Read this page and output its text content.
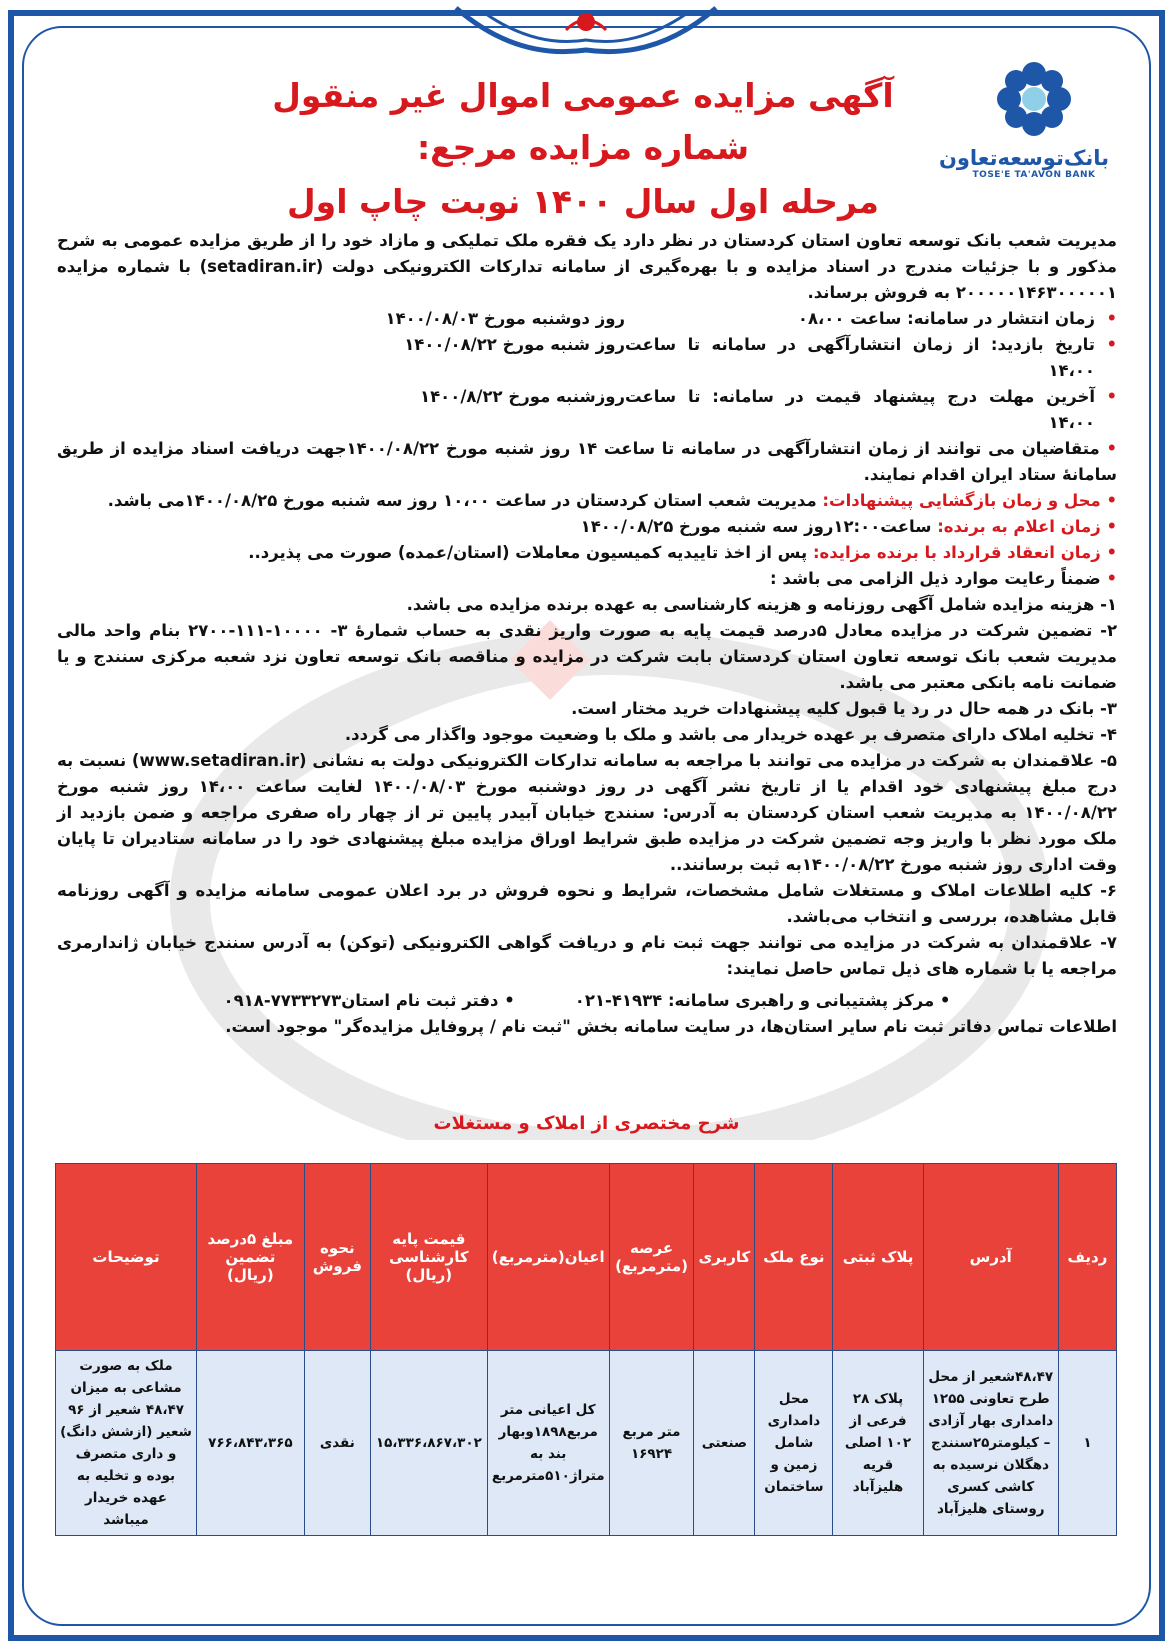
بانک‌توسعه‌تعاون
TOSE'E TA'AVON BANK
آگهی مزایده عمومی اموال غیر منقول شماره مزایده مرجع:
مرحله اول سال ۱۴۰۰ نوبت چاپ اول

مدیریت شعب بانک توسعه تعاون استان کردستان در نظر دارد یک فقره ملک تملیکی و مازاد خود را از طریق مزایده عمومی به شرح مذکور و با جزئیات مندرج در اسناد مزایده و با بهره‌گیری از سامانه تدارکات الکترونیکی دولت (setadiran.ir) با شماره مزایده ۲۰۰۰۰۰۱۴۶۳۰۰۰۰۰۱ به فروش برساند.

• زمان انتشار در سامانه: ساعت ۰۸،۰۰
روز دوشنبه مورخ ۱۴۰۰/۰۸/۰۳
• تاریخ بازدید: از زمان انتشارآگهی در سامانه تا ساعت ۱۴،۰۰
روز شنبه مورخ ۱۴۰۰/۰۸/۲۲
• آخرین مهلت درج پیشنهاد قیمت در سامانه: تا ساعت ۱۴،۰۰
روزشنبه مورخ ۱۴۰۰/۸/۲۲

• متقاضیان می توانند از زمان انتشارآگهی در سامانه تا ساعت ۱۴ روز شنبه مورخ ۱۴۰۰/۰۸/۲۲جهت دریافت اسناد مزایده از طریق سامانهٔ ستاد ایران اقدام نمایند.

• محل و زمان بازگشایی پیشنهادات: مدیریت شعب استان کردستان در ساعت ۱۰،۰۰ روز سه شنبه مورخ ۱۴۰۰/۰۸/۲۵می باشد.

• زمان اعلام به برنده: ساعت۱۲:۰۰روز سه شنبه مورخ ۱۴۰۰/۰۸/۲۵

• زمان انعقاد قرارداد با برنده مزایده: پس از اخذ تاییدیه کمیسیون معاملات (استان/عمده) صورت می پذیرد..

• ضمناً رعایت موارد ذیل الزامی می باشد :

۱- هزینه مزایده شامل آگهی روزنامه و هزینه کارشناسی به عهده برنده مزایده می باشد.

۲- تضمین شرکت در مزایده معادل ۵درصد قیمت پایه به صورت واریز نقدی به حساب شمارهٔ ۳- ۱۰۰۰۰-۱۱۱-۲۷۰۰ بنام واحد مالی مدیریت شعب بانک توسعه تعاون استان کردستان بابت شرکت در مزایده و مناقصه بانک توسعه تعاون نزد شعبه مرکزی سنندج و یا ضمانت نامه بانکی معتبر می باشد.

۳- بانک در همه حال در رد یا قبول کلیه پیشنهادات خرید مختار است.

۴- تخلیه املاک دارای متصرف بر عهده خریدار می باشد و ملک با وضعیت موجود واگذار می گردد.

۵- علاقمندان به شرکت در مزایده می توانند با مراجعه به سامانه تدارکات الکترونیکی دولت به نشانی (www.setadiran.ir) نسبت به درج مبلغ پیشنهادی خود اقدام یا از تاریخ نشر آگهی در روز دوشنبه مورخ ۱۴۰۰/۰۸/۰۳ لغایت ساعت ۱۴،۰۰ روز شنبه مورخ ۱۴۰۰/۰۸/۲۲ به مدیریت شعب استان کردستان به آدرس: سنندج خیابان آبیدر پایین تر از چهار راه صفری مراجعه و ضمن بازدید از ملک مورد نظر با واریز وجه تضمین شرکت در مزایده طبق شرایط اوراق مزایده مبلغ پیشنهادی خود را در سامانه ستادیران تا پایان وقت اداری روز شنبه مورخ ۱۴۰۰/۰۸/۲۲به ثبت برسانند..

۶- کلیه اطلاعات املاک و مستغلات شامل مشخصات، شرایط و نحوه فروش در برد اعلان عمومی سامانه مزایده و آگهی روزنامه قابل مشاهده، بررسی و انتخاب می‌باشد.

۷- علاقمندان به شرکت در مزایده می توانند جهت ثبت نام و دریافت گواهی الکترونیکی (توکن) به آدرس سنندج خیابان ژاندارمری مراجعه یا با شماره های ذیل تماس حاصل نمایند:

• مرکز پشتیبانی و راهبری سامانه: ۴۱۹۳۴-۰۲۱
• دفتر ثبت نام استان۷۷۳۳۲۷۳-۰۹۱۸

اطلاعات تماس دفاتر ثبت نام سایر استان‌ها، در سایت سامانه بخش "ثبت نام / پروفایل مزایده‌گر" موجود است.

شرح مختصری از املاک و مستغلات
ردیف	آدرس	پلاک ثبتی	نوع ملک	کاربری	عرصه (مترمربع)	اعیان(مترمربع)	قیمت پایه کارشناسی (ریال)	نحوه فروش	مبلغ ۵درصد تضمین (ریال)	توضیحات
۱	۴۸،۴۷شعیر از محل طرح تعاونی ۱۲۵۵ دامداری بهار آزادی – کیلومتر۲۵سنندج دهگلان نرسیده به کاشی کسری روستای هلیزآباد	پلاک ۲۸ فرعی از ۱۰۲ اصلی قریه هلیزآباد	محل دامداری شامل زمین و ساختمان	صنعتی	متر مربع ۱۶۹۲۴	کل اعیانی متر مربع۱۸۹۸وبهار بند به متراژ۵۱۰مترمربع	۱۵،۳۳۶،۸۶۷،۳۰۲	نقدی	۷۶۶،۸۴۳،۳۶۵	ملک به صورت مشاعی به میزان ۴۸،۴۷ شعیر از ۹۶ شعیر (ازشش دانگ) و داری متصرف بوده و تخلیه به عهده خریدار میباشد
